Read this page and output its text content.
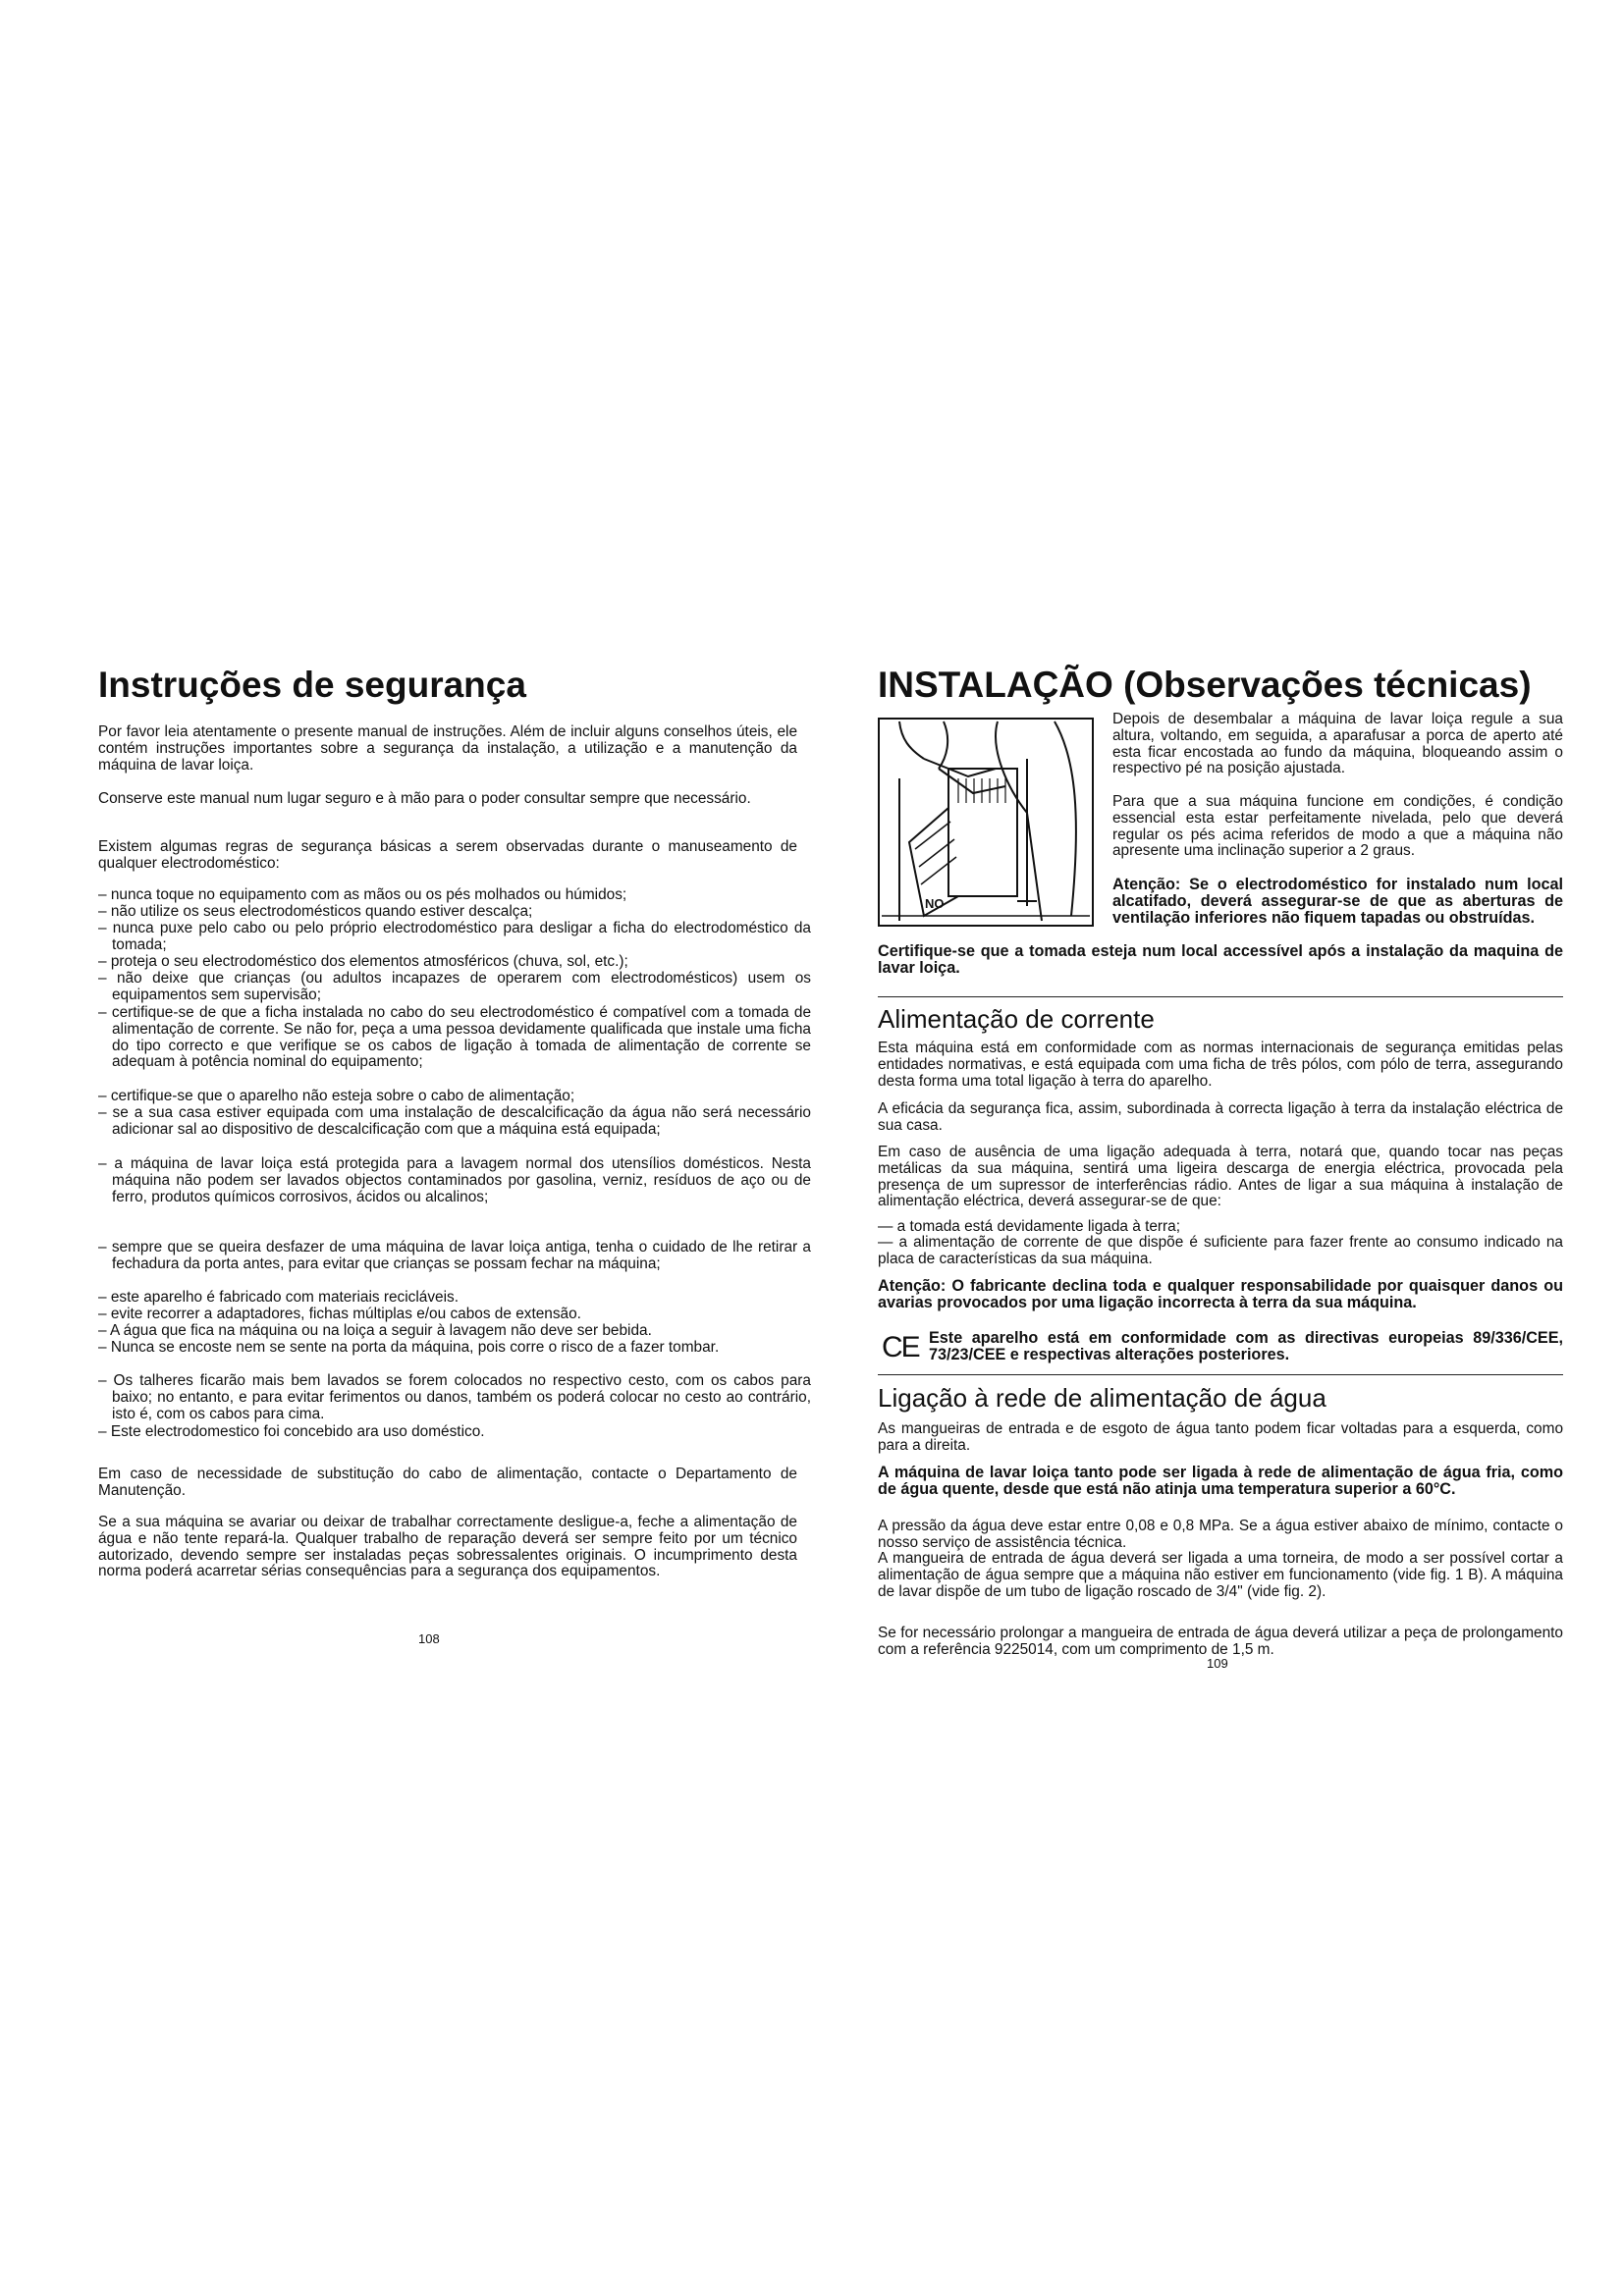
Instruções de segurança

Por favor leia atentamente o presente manual de instruções. Além de incluir alguns conselhos úteis, ele contém instruções importantes sobre a segurança da instalação, a utilização e a manutenção da máquina de lavar loiça.

Conserve este manual num lugar seguro e à mão para o poder consultar sempre que necessário.

Existem algumas regras de segurança básicas a serem observadas durante o manuseamento de qualquer electrodoméstico:

– nunca toque no equipamento com as mãos ou os pés molhados ou húmidos;

– não utilize os seus electrodomésticos quando estiver descalça;

– nunca puxe pelo cabo ou pelo próprio electrodoméstico para desligar a ficha do electrodoméstico da tomada;

– proteja o seu electrodoméstico dos elementos atmosféricos (chuva, sol, etc.);

– não deixe que crianças (ou adultos incapazes de operarem com electrodomésticos) usem os equipamentos sem supervisão;

– certifique-se de que a ficha instalada no cabo do seu electrodoméstico é compatível com a tomada de alimentação de corrente. Se não for, peça a uma pessoa devidamente qualificada que instale uma ficha do tipo correcto e que verifique se os cabos de ligação à tomada de alimentação de corrente se adequam à potência nominal do equipamento;

– certifique-se que o aparelho não esteja sobre o cabo de alimentação;

– se a sua casa estiver equipada com uma instalação de descalcificação da água não será necessário adicionar sal ao dispositivo de descalcificação com que a máquina está equipada;

– a máquina de lavar loiça está protegida para a lavagem normal dos utensílios domésticos. Nesta máquina não podem ser lavados objectos contaminados por gasolina, verniz, resíduos de aço ou de ferro, produtos químicos corrosivos, ácidos ou alcalinos;

– sempre que se queira desfazer de uma máquina de lavar loiça antiga, tenha o cuidado de lhe retirar a fechadura da porta antes, para evitar que crianças se possam fechar na máquina;

– este aparelho é fabricado com materiais recicláveis.

– evite recorrer a adaptadores, fichas múltiplas e/ou cabos de extensão.

– A água que fica na máquina ou na loiça a seguir à lavagem não deve ser bebida.

– Nunca se encoste nem se sente na porta da máquina, pois corre o risco de a fazer tombar.

– Os talheres ficarão mais bem lavados se forem colocados no respectivo cesto, com os cabos para baixo; no entanto, e para evitar ferimentos ou danos, também os poderá colocar no cesto ao contrário, isto é, com os cabos para cima.

– Este electrodomestico foi concebido ara uso doméstico.

Em caso de necessidade de substitução do cabo de alimentação, contacte o Departamento de Manutenção.

Se a sua máquina se avariar ou deixar de trabalhar correctamente desligue-a, feche a alimentação de água e não tente repará-la. Qualquer trabalho de reparação deverá ser sempre feito por um técnico autorizado, devendo sempre ser instaladas peças sobressalentes originais. O incumprimento desta norma poderá acarretar sérias consequências para a segurança dos equipamentos.

108
INSTALAÇÃO (Observações técnicas)
NO

Depois de desembalar a máquina de lavar loiça regule a sua altura, voltando, em seguida, a aparafusar a porca de aperto até esta ficar encostada ao fundo da máquina, bloqueando assim o respectivo pé na posição ajustada.

Para que a sua máquina funcione em condições, é condição essencial esta estar perfeitamente nivelada, pelo que deverá regular os pés acima referidos de modo a que a máquina não apresente uma inclinação superior a 2 graus.

Atenção: Se o electrodoméstico for instalado num local alcatifado, deverá assegurar-se de que as aberturas de ventilação inferiores não fiquem tapadas ou obstruídas.

Certifique-se que a tomada esteja num local accessível após a instalação da maquina de lavar loiça.

Alimentação de corrente

Esta máquina está em conformidade com as normas internacionais de segurança emitidas pelas entidades normativas, e está equipada com uma ficha de três pólos, com pólo de terra, assegurando desta forma uma total ligação à terra do aparelho.

A eficácia da segurança fica, assim, subordinada à correcta ligação à terra da instalação eléctrica de sua casa.

Em caso de ausência de uma ligação adequada à terra, notará que, quando tocar nas peças metálicas da sua máquina, sentirá uma ligeira descarga de energia eléctrica, provocada pela presença de um supressor de interferências rádio. Antes de ligar a sua máquina à instalação de alimentação eléctrica, deverá assegurar-se de que:

— a tomada está devidamente ligada à terra;

— a alimentação de corrente de que dispõe é suficiente para fazer frente ao consumo indicado na placa de características da sua máquina.

Atenção: O fabricante declina toda e qualquer responsabilidade por quaisquer danos ou avarias provocados por uma ligação incorrecta à terra da sua máquina.

CE Este aparelho está em conformidade com as directivas europeias 89/336/CEE, 73/23/CEE e respectivas alterações posteriores.

Ligação à rede de alimentação de água

As mangueiras de entrada e de esgoto de água tanto podem ficar voltadas para a esquerda, como para a direita.

A máquina de lavar loiça tanto pode ser ligada à rede de alimentação de água fria, como de água quente, desde que está não atinja uma temperatura superior a 60°C.

A pressão da água deve estar entre 0,08 e 0,8 MPa. Se a água estiver abaixo de mínimo, contacte o nosso serviço de assistência técnica.

A mangueira de entrada de água deverá ser ligada a uma torneira, de modo a ser possível cortar a alimentação de água sempre que a máquina não estiver em funcionamento (vide fig. 1 B). A máquina de lavar dispõe de um tubo de ligação roscado de 3/4" (vide fig. 2).

Se for necessário prolongar a mangueira de entrada de água deverá utilizar a peça de prolongamento com a referência 9225014, com um comprimento de 1,5 m.

109
